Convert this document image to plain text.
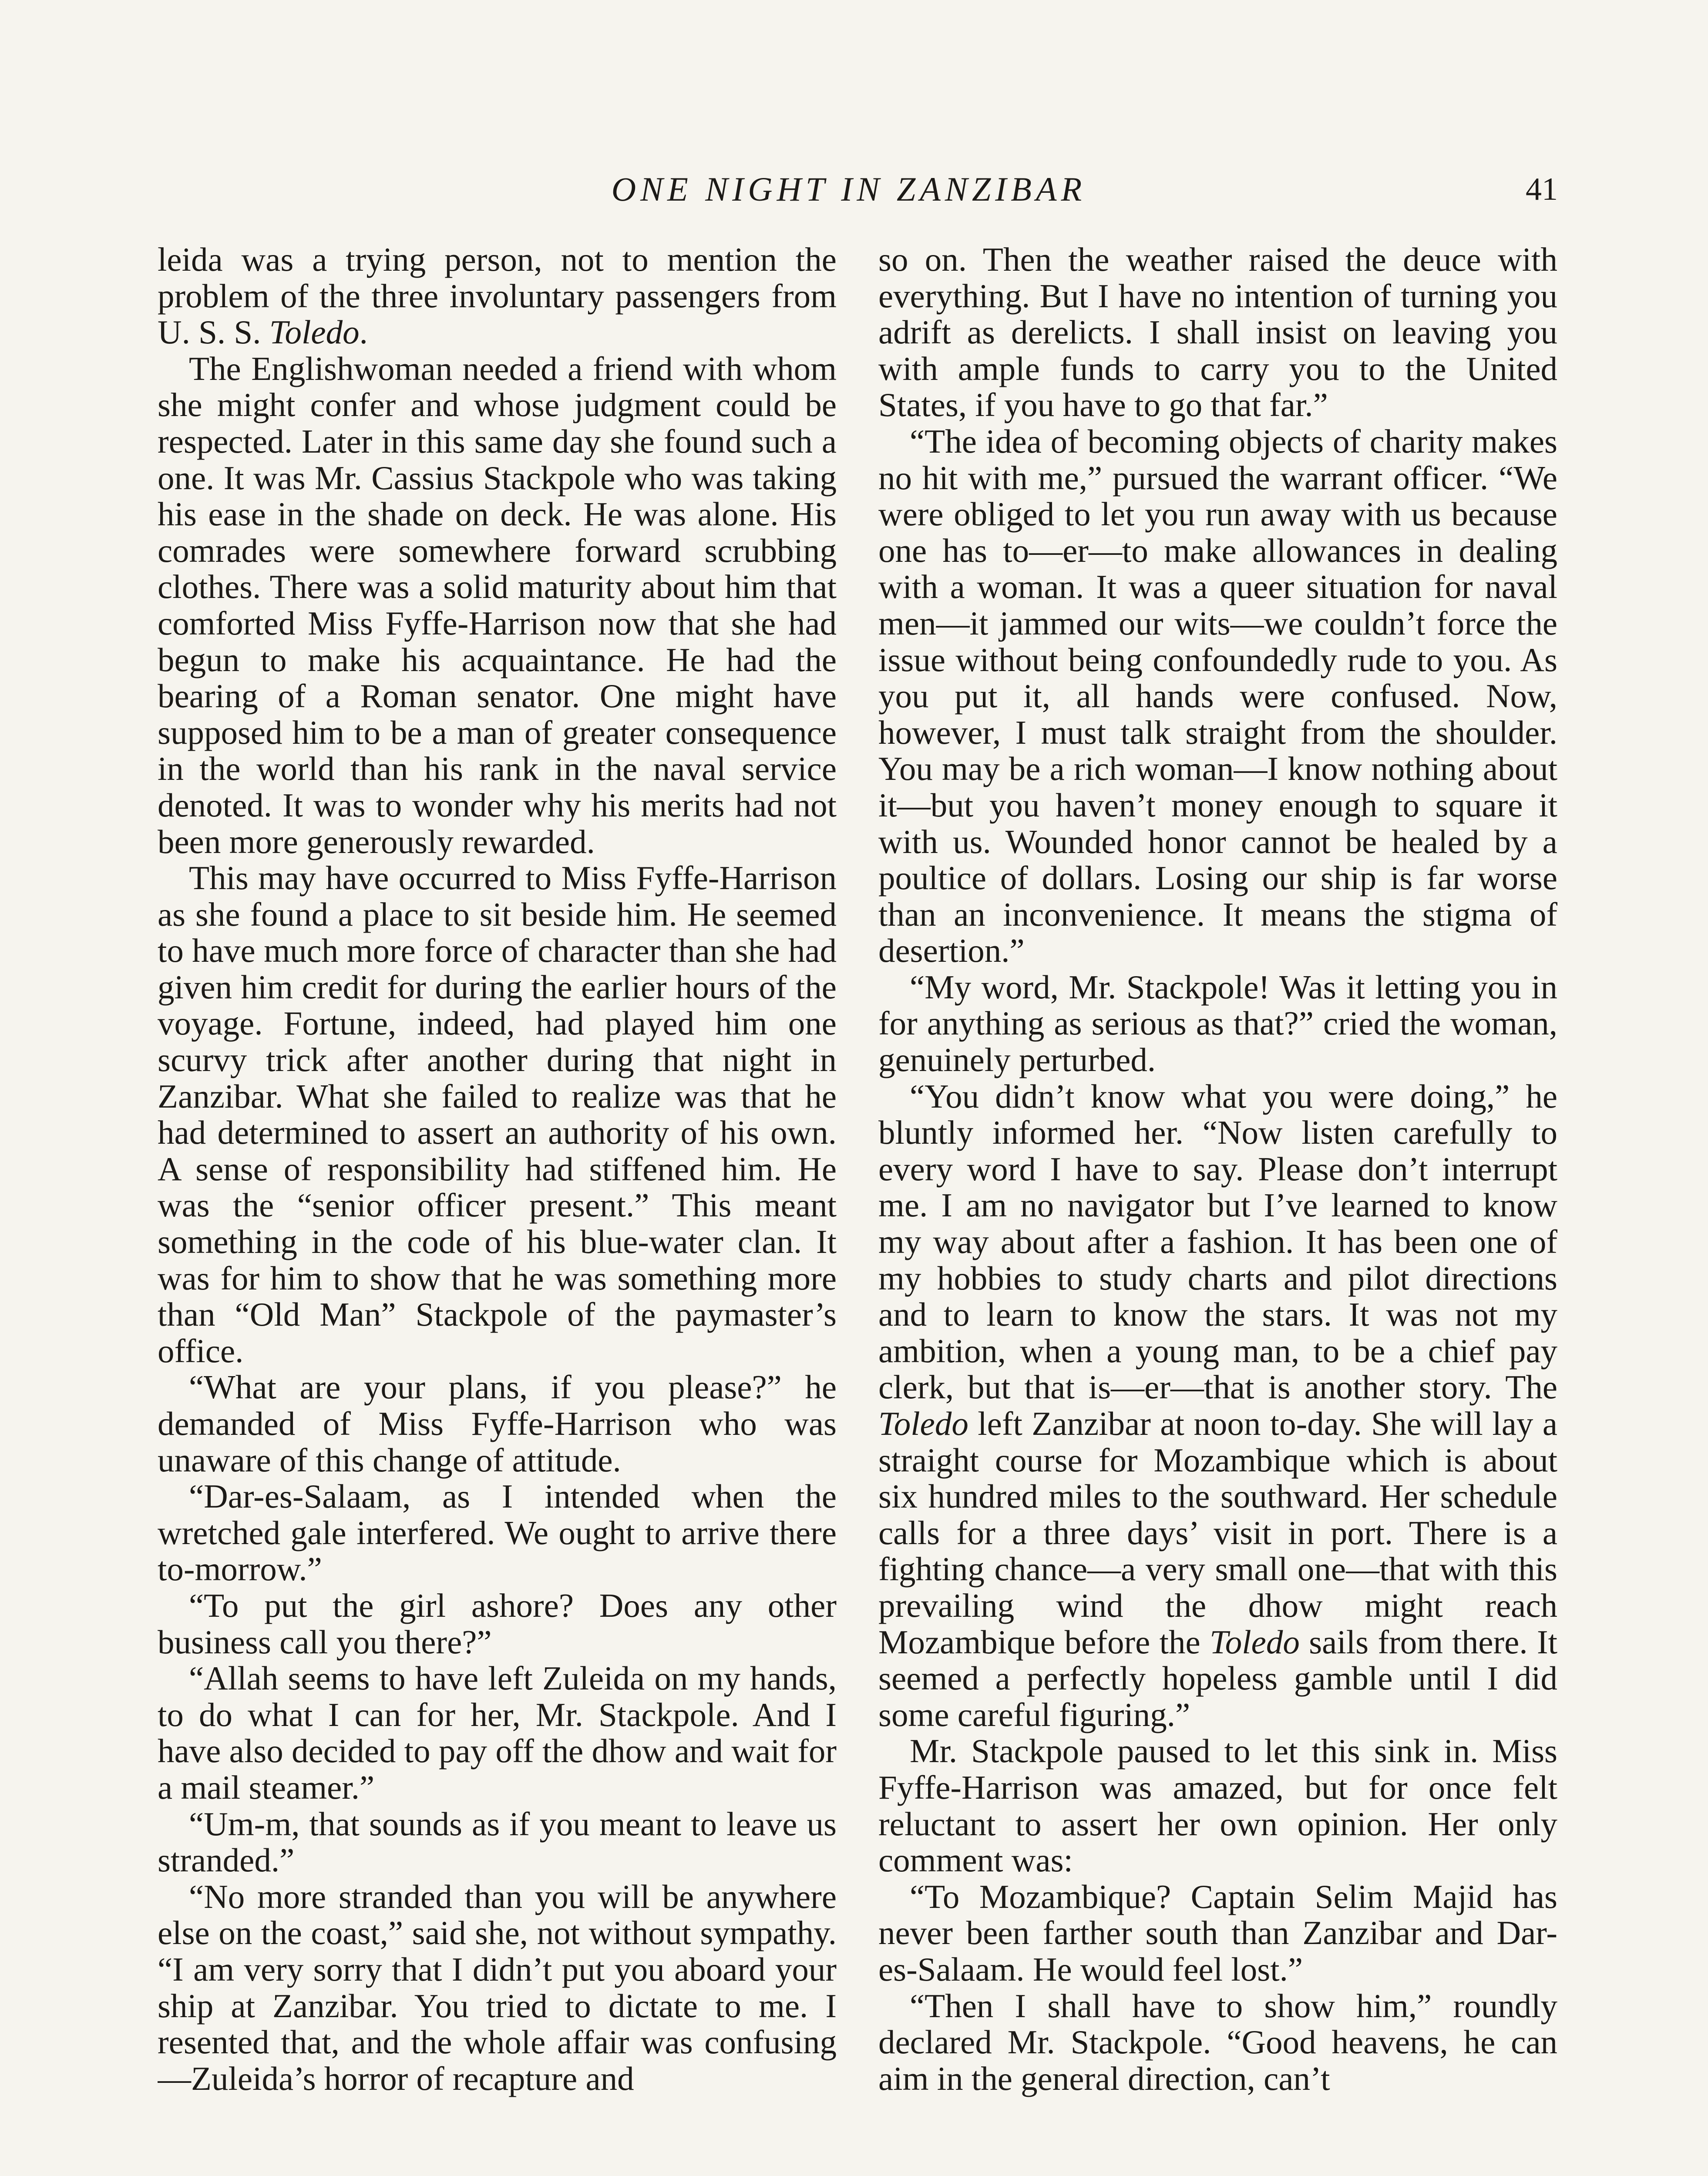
ONE NIGHT IN ZANZIBAR	41

leida was a trying person, not to mention the problem of the three involuntary passengers from U. S. S. Toledo.

The Englishwoman needed a friend with whom she might confer and whose judgment could be respected. Later in this same day she found such a one. It was Mr. Cassius Stackpole who was taking his ease in the shade on deck. He was alone. His comrades were somewhere forward scrubbing clothes. There was a solid maturity about him that comforted Miss Fyffe-Harrison now that she had begun to make his acquaintance. He had the bearing of a Roman senator. One might have supposed him to be a man of greater consequence in the world than his rank in the naval service denoted. It was to wonder why his merits had not been more generously rewarded.

This may have occurred to Miss Fyffe-Harrison as she found a place to sit beside him. He seemed to have much more force of character than she had given him credit for during the earlier hours of the voyage. Fortune, indeed, had played him one scurvy trick after another during that night in Zanzibar. What she failed to realize was that he had determined to assert an authority of his own. A sense of responsibility had stiffened him. He was the “senior officer present.” This meant something in the code of his blue-water clan. It was for him to show that he was something more than “Old Man” Stackpole of the paymaster’s office.

“What are your plans, if you please?” he demanded of Miss Fyffe-Harrison who was unaware of this change of attitude.

“Dar-es-Salaam, as I intended when the wretched gale interfered. We ought to arrive there to-morrow.”

“To put the girl ashore? Does any other business call you there?”

“Allah seems to have left Zuleida on my hands, to do what I can for her, Mr. Stackpole. And I have also decided to pay off the dhow and wait for a mail steamer.”

“Um-m, that sounds as if you meant to leave us stranded.”

“No more stranded than you will be anywhere else on the coast,” said she, not without sympathy. “I am very sorry that I didn’t put you aboard your ship at Zanzibar. You tried to dictate to me. I resented that, and the whole affair was confusing—Zuleida’s horror of recapture and

so on. Then the weather raised the deuce with everything. But I have no intention of turning you adrift as derelicts. I shall insist on leaving you with ample funds to carry you to the United States, if you have to go that far.”

“The idea of becoming objects of charity makes no hit with me,” pursued the warrant officer. “We were obliged to let you run away with us because one has to—er—to make allowances in dealing with a woman. It was a queer situation for naval men—it jammed our wits—we couldn’t force the issue without being confoundedly rude to you. As you put it, all hands were confused. Now, however, I must talk straight from the shoulder. You may be a rich woman—I know nothing about it—but you haven’t money enough to square it with us. Wounded honor cannot be healed by a poultice of dollars. Losing our ship is far worse than an inconvenience. It means the stigma of desertion.”

“My word, Mr. Stackpole! Was it letting you in for anything as serious as that?” cried the woman, genuinely perturbed.

“You didn’t know what you were doing,” he bluntly informed her. “Now listen carefully to every word I have to say. Please don’t interrupt me. I am no navigator but I’ve learned to know my way about after a fashion. It has been one of my hobbies to study charts and pilot directions and to learn to know the stars. It was not my ambition, when a young man, to be a chief pay clerk, but that is—er—that is another story. The Toledo left Zanzibar at noon to-day. She will lay a straight course for Mozambique which is about six hundred miles to the southward. Her schedule calls for a three days’ visit in port. There is a fighting chance—a very small one—that with this prevailing wind the dhow might reach Mozambique before the Toledo sails from there. It seemed a perfectly hopeless gamble until I did some careful figuring.”

Mr. Stackpole paused to let this sink in. Miss Fyffe-Harrison was amazed, but for once felt reluctant to assert her own opinion. Her only comment was:

“To Mozambique? Captain Selim Majid has never been farther south than Zanzibar and Dar-es-Salaam. He would feel lost.”

“Then I shall have to show him,” roundly declared Mr. Stackpole. “Good heavens, he can aim in the general direction, can’t
